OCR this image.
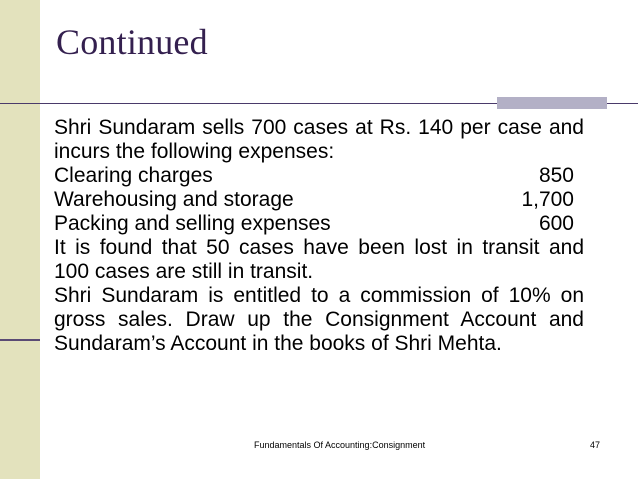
Continued

Shri Sundaram sells 700 cases at Rs. 140 per case and incurs the following expenses:

Clearing charges	850
Warehousing and storage	1,700
Packing and selling expenses	600

It is found that 50 cases have been lost in transit and 100 cases are still in transit.

Shri Sundaram is entitled to a commission of 10% on gross sales. Draw up the Consignment Account and Sundaram’s Account in the books of Shri Mehta.

Fundamentals Of Accounting:Consignment	47
